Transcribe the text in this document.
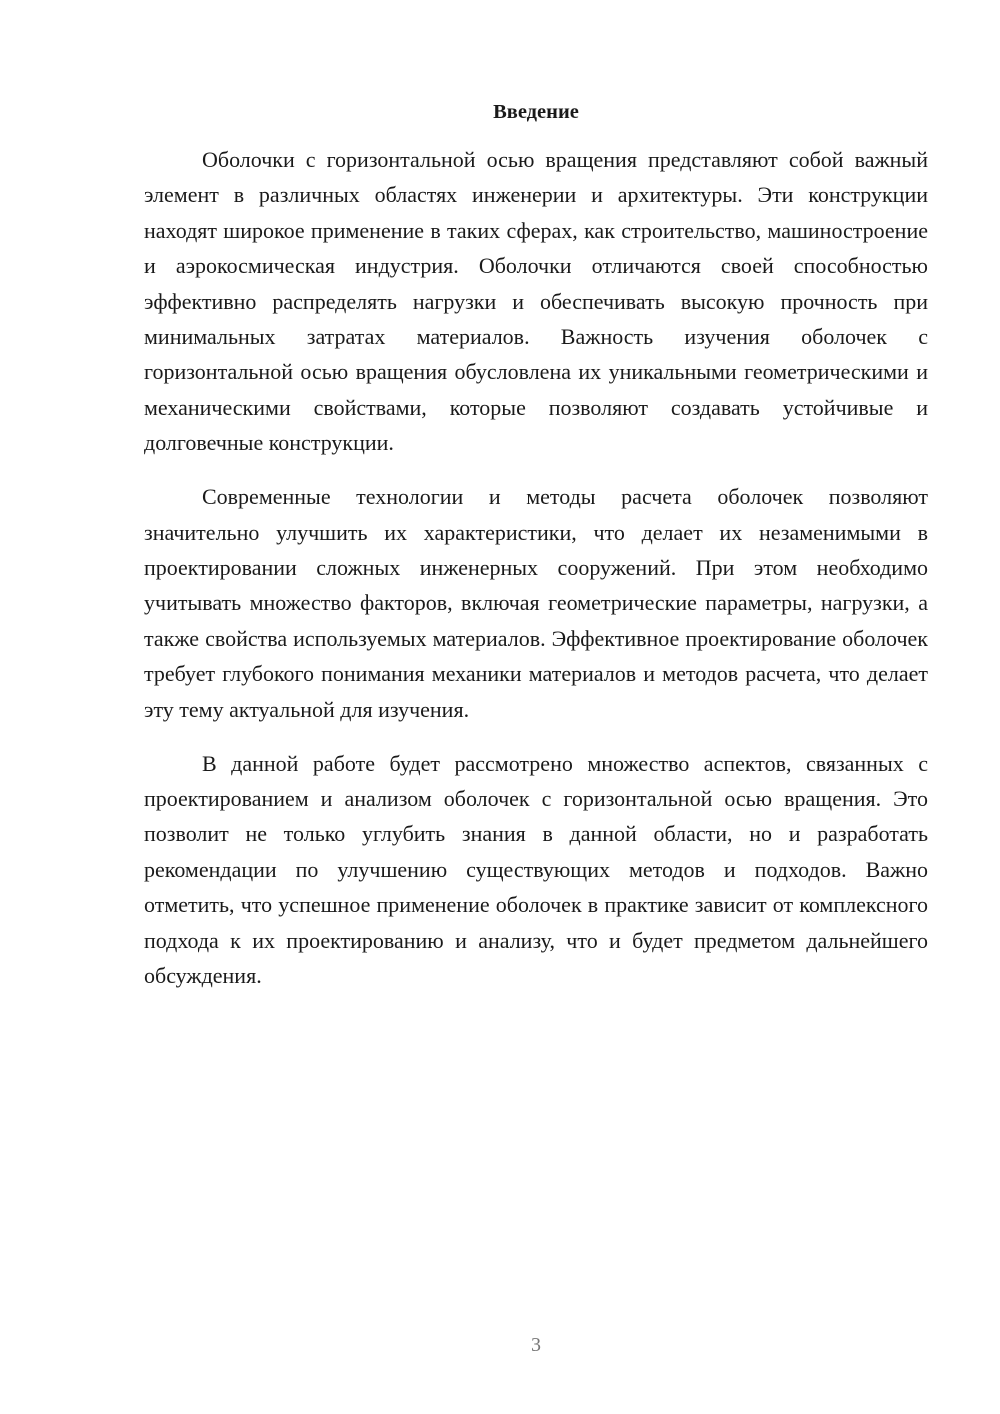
Введение

Оболочки с горизонтальной осью вращения представляют собой важный элемент в различных областях инженерии и архитектуры. Эти конструкции находят широкое применение в таких сферах, как строительство, машиностроение и аэрокосмическая индустрия. Оболочки отличаются своей способностью эффективно распределять нагрузки и обеспечивать высокую прочность при минимальных затратах материалов. Важность изучения оболочек с горизонтальной осью вращения обусловлена их уникальными геометрическими и механическими свойствами, которые позволяют создавать устойчивые и долговечные конструкции.

Современные технологии и методы расчета оболочек позволяют значительно улучшить их характеристики, что делает их незаменимыми в проектировании сложных инженерных сооружений. При этом необходимо учитывать множество факторов, включая геометрические параметры, нагрузки, а также свойства используемых материалов. Эффективное проектирование оболочек требует глубокого понимания механики материалов и методов расчета, что делает эту тему актуальной для изучения.

В данной работе будет рассмотрено множество аспектов, связанных с проектированием и анализом оболочек с горизонтальной осью вращения. Это позволит не только углубить знания в данной области, но и разработать рекомендации по улучшению существующих методов и подходов. Важно отметить, что успешное применение оболочек в практике зависит от комплексного подхода к их проектированию и анализу, что и будет предметом дальнейшего обсуждения.

3
